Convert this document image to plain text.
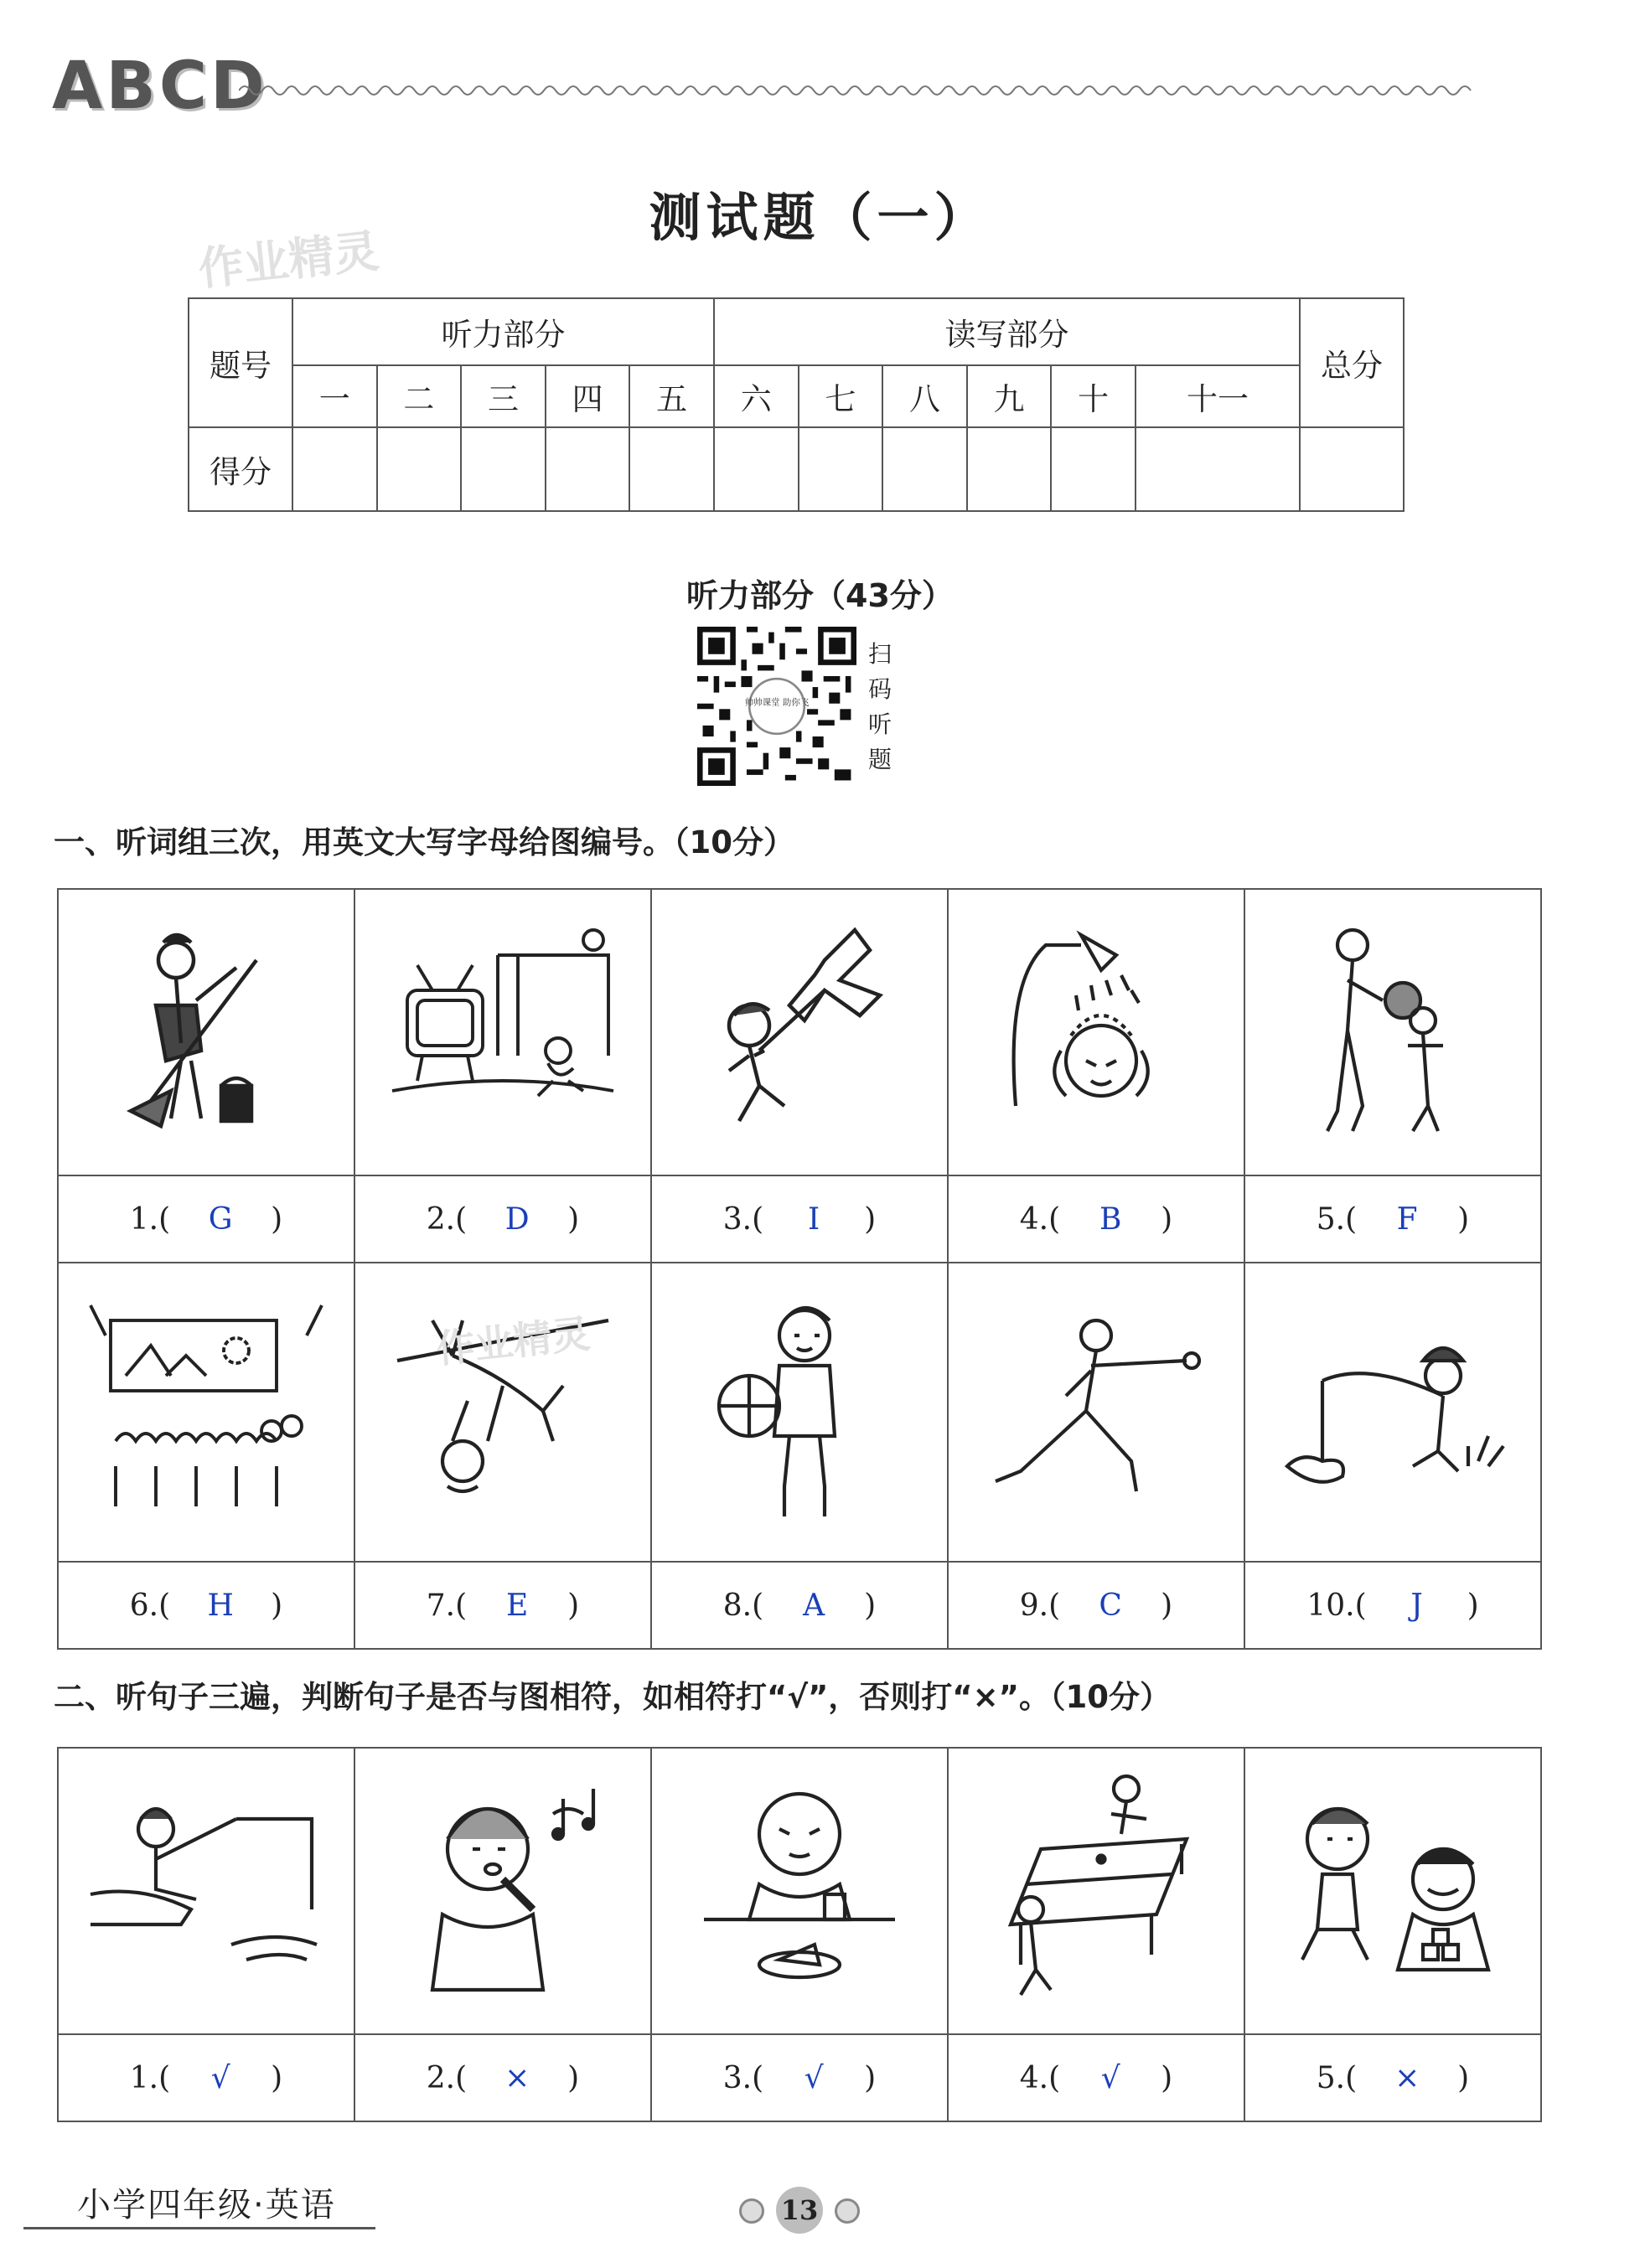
ABCD
测试题（一）
作业精灵
题号	听力部分					读写部分						总分
	一	二	三	四	五	六	七	八	九	十	十一	
得分												
听力部分（43分）
帅帅课堂 助你飞
扫
码
听
题
一、听词组三次，用英文大写字母给图编号。（10分）

1.( G )	2.( D )	3.( I )	4.( B )	5.( F )

6.( H )	7.( E )	8.( A )	9.( C )	10.( J )
作业精灵
二、听句子三遍，判断句子是否与图相符，如相符打“√”，否则打“×”。（10分）

1.( √ )	2.( × )	3.( √ )	4.( √ )	5.( × )
小学四年级·英语	13
